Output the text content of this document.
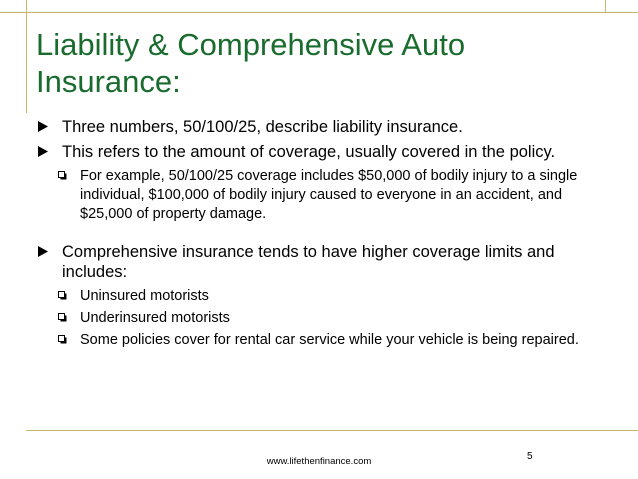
Liability & Comprehensive Auto Insurance:
Three numbers, 50/100/25, describe liability insurance.
This refers to the amount of coverage, usually covered in the policy.
For example, 50/100/25 coverage includes $50,000 of bodily injury to a single individual, $100,000 of bodily injury caused to everyone in an accident, and $25,000 of property damage.
Comprehensive insurance tends to have higher coverage limits and includes:
Uninsured motorists
Underinsured motorists
Some policies cover for rental car service while your vehicle is being repaired.

www.lifethenfinance.com	5
